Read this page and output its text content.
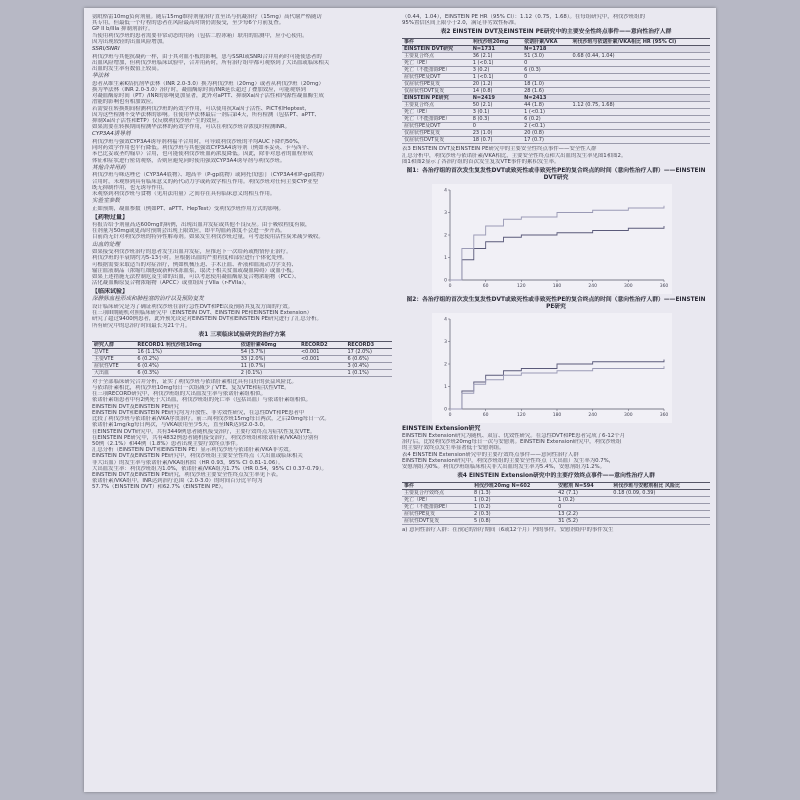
氨吡格雷10mg负荷剂量。随后15mg维持剂量治疗直至出与抗凝治疗（15mg）高代谢严格随访
其专用，但最低一个疗程的患者在风险最高时期仍需接受，至少每6个月前复查。
GP II b/IIIa 抑制剂治疗。
当使用利伐沙班的患者需要非常动态的用药（包括二腔冰箱）联用的监测中，应小心使用。
因为出现较轻的出血风险增加。
SSRI/SNRI
利伐沙班与其他抗凝药一样，由于其对血小板的影响，患与SSRI或SNRI合并用药时可能使患者的
出血风险增加，但利伐沙班临床试验中，合并用药时，所有治疗组中都可观察到了大出血或临床相关
出血的发生率有数值上较高。
华法林
患者从维生素K拮抗剂华法林（INR 2.0-3.0）换为利伐沙班（20mg）或者从利伐沙班（20mg）
换为华法林（INR 2.0-3.0）治疗时，凝血酶原时间/INR延长超过了叠加效应，可能观察到
对凝血酶原时间（PT）/INR的影响更加显著，此外对aPTT、抑制Xa因子活性和内源性凝血酶生成
潜能的影响也有相加效应。
若需要在转换期间检测利伐沙班的药效学作用，可以使用抗Xa因子活性、PiCT和Heptest，
因为这些检测不受华法林的影响。在使用华法林最后一剂后第4天，所有检测（包括PT、aPTT、
抑制Xa因子活性和ETP）仅反映利伐沙班产生的效应。
如果需要在转换期间检测华法林的药效学作用，可以在利伐沙班谷浓度时检测INR。
CYP3A4诱导剂
利伐沙班与强效CYP3A4诱导剂利福平合用时，可导致利伐沙班的平均AUC下降约50%，
同时药效学作用也平行降低。利伐沙班与其他强效CYP3A4诱导剂（例如苯妥英、卡马西平、
苯巴比妥或圣约翰草）合用，也可能使利伐沙班血药浓度降低。因此，除非对患者的血栓形成
体征和症状进行密切观察，否则应避免同时使用强效CYP3A4诱导剂与利伐沙班。
其他合并用药
利伐沙班与咪达唑仑（CYP3A4底物）、地高辛（P-gp底物）或阿托伐他汀（CYP3A4和P-gp底物）
合用时，未观察到具有临床意义的药代动力学或药效学相互作用。利伐沙班对任何主要CYP亚型
既无抑制作用，也无诱导作用。
未观察到利伐沙班与食物（见用法用量）之间存在具有临床意义的相互作用。
实验室参数
正如预期，凝血参数（例如PT、aPTT、HepTest）受利伐沙班作用方式的影响。
【药物过量】
有报告给予剂量高达600mg的病例，出现出血并发症或其他不良反应。由于吸收程度有限，
在剂量为50mg或更高时预期会出现上限效应，即平均血药浓度不会进一步升高。
目前尚无针对利伐沙班的特异性解毒剂。如果发生利伐沙班过量，可考虑使用活性炭来减少吸收。
出血的处理
如果接受利伐沙班治疗的患者发生出血并发症，应推迟下一次给药或酌情停止治疗。
利伐沙班的半衰期约为5-13小时。应根据出血的严重程度和部位进行个体化处理。
可根据需要采取适当的对症治疗，例如机械压迫、手术止血、补液和血流动力学支持、
输注血液制品（浓缩红细胞或新鲜冰冻血浆，取决于相关贫血或凝血障碍）或血小板。
如果上述措施无法控制危及生命的出血，可以考虑使用凝血酶原复合物浓缩物（PCC）、
活化凝血酶原复合物浓缩物（APCC）或重组因子VIIa（r-FVIIa）。
【临床试验】
深静脉血栓形成和肺栓塞的治疗以及预防复发
设计临床研究是为了确证利伐沙班在治疗急性DVT和PE以及预防其复发方面的疗效。
在三项III期随机对照临床研究中（EINSTEIN DVT、EINSTEIN PE和EINSTEIN Extension）
研究了超过9400例患者，此外预先设定对EINSTEIN DVT和EINSTEIN PE研究进行了汇总分析。
所有研究中的总治疗时间最长为21个月。
表1 三项临床试验研究的治疗方案
研究人群	RECORD1 利伐沙班10mg	依诺肝素40mg	RECORD2	RECORD3
总VTE	16 (1.1%)	54 (3.7%)	<0.001	17 (2.0%)
主要VTE	6 (0.2%)	33 (2.0%)	<0.001	6 (0.6%)
症状性VTE	6 (0.4%)	11 (0.7%)		3 (0.4%)
大出血	6 (0.3%)	2 (0.1%)		1 (0.1%)
对于全部临床研究合并分析，证实了利伐沙班与依诺肝素相比具有良好的获益风险比。
与依诺肝素相比，利伐沙班10mg每日一次组减少了VTE、复发VTE和症状性VTE。
在三项RECORD研究中，利伐沙班组的大出血发生率与依诺肝素组相似。
依诺肝素组患者中有2例死于大出血，利伐沙班组的死亡率（包括出血）与依诺肝素组相似。
EINSTEIN DVT及EINSTEIN PE研究
EINSTEIN DVT和EINSTEIN PE研究均为开放性、非劣效性研究，在急性DVT和PE患者中
比较了利伐沙班与依诺肝素/VKA序贯治疗。前三周利伐沙班15mg每日两次，之后20mg每日一次。
依诺肝素1mg/kg每日两次，与VKA联用至少5天，直至INR达到2.0-3.0。
在EINSTEIN DVT研究中，共有3449例患者随机接受治疗，主要疗效终点为症状性复发VTE。
在EINSTEIN PE研究中，共有4832例患者随机接受治疗，利伐沙班组和依诺肝素/VKA组分别有
50例（2.1%）和44例（1.8%）患者出现主要疗效终点事件。
汇总分析（EINSTEIN DVT和EINSTEIN PE）显示利伐沙班与依诺肝素/VKA非劣效。
EINSTEIN DVT及EINSTEIN PE研究中，利伐沙班组主要安全性终点（大出血或临床相关
非大出血）的发生率与依诺肝素/VKA组相似（HR 0.93，95% CI 0.81-1.06）。
大出血发生率：利伐沙班组为1.0%，依诺肝素/VKA组为1.7%（HR 0.54，95% CI 0.37-0.79）。
EINSTEIN DVT及EINSTEIN PE研究，利伐沙班主要安全性终点发生率见下表。
依诺肝素/VKA组中，INR达到治疗范围（2.0-3.0）的时间百分比平均为
57.7%（EINSTEIN DVT）和62.7%（EINSTEIN PE）。
（0.44，1.04），EINSTEIN PE HR（95% CI）：1.12（0.75，1.68）。在每组研究中，利伐沙班组的
95%置信区间上限小于2.0，满足非劣效性标准。
表2 EINSTEIN DVT及EINSTEIN PE研究中的主要安全性终点事件——意向性治疗人群
事件	利伐沙班20mg	依诺肝素/VKA	利伐沙班与依诺肝素/VKA相比 HR (95% CI)
EINSTEIN DVT研究	N=1731	N=1718	
主要复合终点	36 (2.1)	51 (3.0)	0.68 (0.44, 1.04)
死亡（PE）	1 (<0.1)	0	
死亡（不能排除PE）	3 (0.2)	6 (0.3)	
症状性PE及DVT	1 (<0.1)	0	
仅症状性PE复发	20 (1.2)	18 (1.0)	
仅症状性DVT复发	14 (0.8)	28 (1.6)	
EINSTEIN PE研究	N=2419	N=2413	
主要复合终点	50 (2.1)	44 (1.8)	1.12 (0.75, 1.68)
死亡（PE）	3 (0.1)	1 (<0.1)	
死亡（不能排除PE）	8 (0.3)	6 (0.2)	
症状性PE及DVT	0	2 (<0.1)	
仅症状性PE复发	23 (1.0)	20 (0.8)	
仅症状性DVT复发	18 (0.7)	17 (0.7)	
表3 EINSTEIN DVT及EINSTEIN PE研究中的主要安全性终点事件——安全性人群
汇总分析中，利伐沙班与依诺肝素/VKA相比，主要安全性终点和大出血的发生率见图1和图2。
图1和图2显示了各治疗组的首次发生复发VTE事件的累积发生率。
图1：各治疗组的首次发生复发性DVT或致死性或非致死性PE的复合终点的时间（意向性治疗人群）——EINSTEIN DVT研究
0
1
2
3
4
0	60	120	180	240	300	360
图2：各治疗组的首次发生复发性DVT或致死性或非致死性PE的复合终点的时间（意向性治疗人群）——EINSTEIN PE研究
0
1
2
3
4
0	60	120	180	240	300	360
EINSTEIN Extension研究
EINSTEIN Extension研究为随机、双盲、优效性研究。在急性DVT和PE患者完成了6-12个月
治疗后，比较利伐沙班20mg每日一次与安慰剂。EINSTEIN Extension研究中，利伐沙班组
的主要疗效终点发生率显著低于安慰剂组。
表4 EINSTEIN Extension研究中的主要疗效终点事件——意向性治疗人群
EINSTEIN Extension研究中，利伐沙班组的主要安全性终点（大出血）发生率为0.7%，
安慰剂组为0%。利伐沙班组临床相关非大出血的发生率为5.4%，安慰剂组为1.2%。
表4 EINSTEIN Extension研究中的主要疗效终点事件——意向性治疗人群
事件	利伐沙班20mg N=602	安慰剂 N=594	利伐沙班与安慰剂相比 风险比
主要复合疗效终点	8 (1.3)	42 (7.1)	0.18 (0.09, 0.39)
死亡（PE）	1 (0.2)	1 (0.2)	
死亡（不能排除PE）	1 (0.2)	0	
症状性PE复发	2 (0.3)	13 (2.2)	
症状性DVT复发	5 (0.8)	31 (5.2)	
a) 意向性治疗人群：在预定的治疗期间（6或12个月）内的事件。安慰剂组中的事件发生
